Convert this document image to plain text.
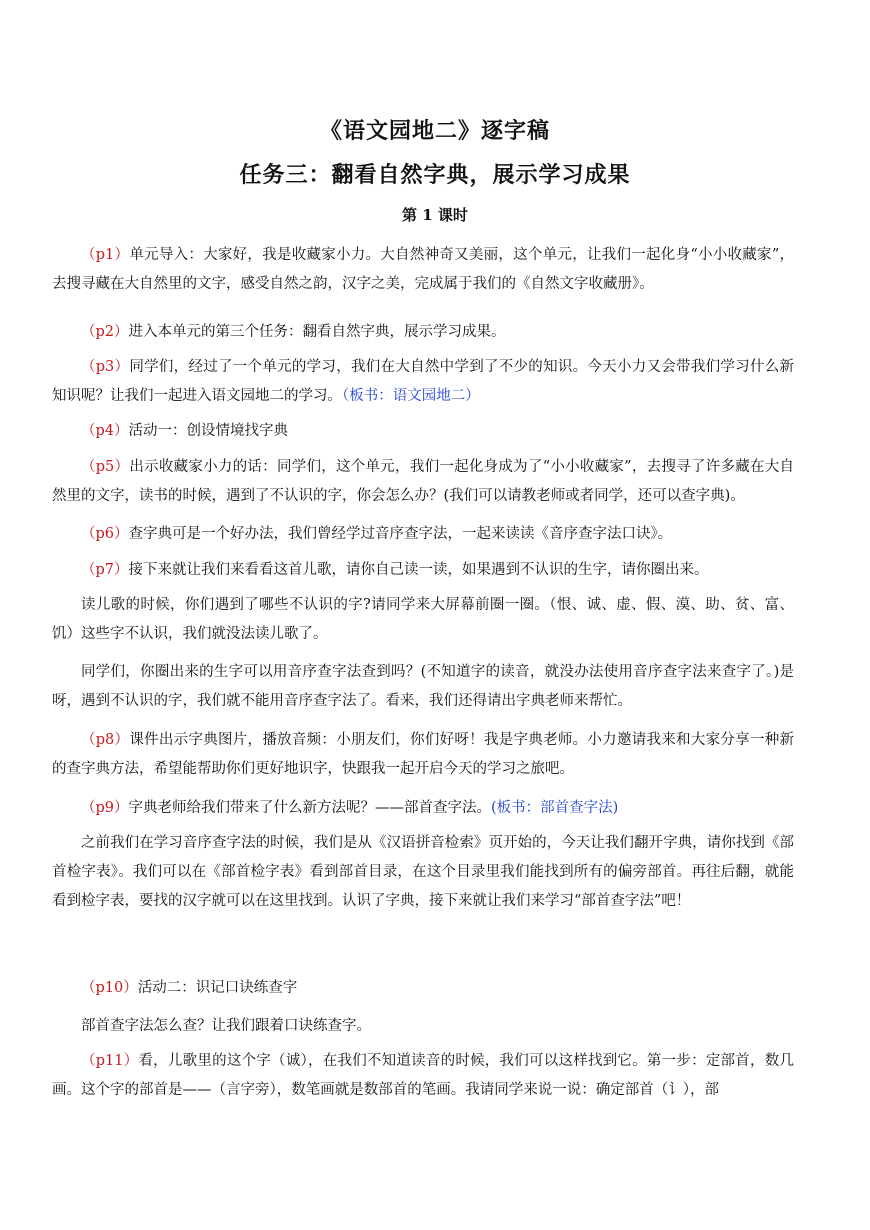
《语文园地二》逐字稿
任务三：翻看自然字典，展示学习成果
第 1 课时

（p1）单元导入：大家好，我是收藏家小力。大自然神奇又美丽，这个单元，让我们一起化身“小小收藏家”，去搜寻藏在大自然里的文字，感受自然之韵，汉字之美，完成属于我们的《自然文字收藏册》。

（p2）进入本单元的第三个任务：翻看自然字典，展示学习成果。

（p3）同学们，经过了一个单元的学习，我们在大自然中学到了不少的知识。今天小力又会带我们学习什么新知识呢？让我们一起进入语文园地二的学习。（板书：语文园地二）

（p4）活动一：创设情境找字典

（p5）出示收藏家小力的话：同学们，这个单元，我们一起化身成为了“小小收藏家”，去搜寻了许多藏在大自然里的文字，读书的时候，遇到了不认识的字，你会怎么办？(我们可以请教老师或者同学，还可以查字典)。

（p6）查字典可是一个好办法，我们曾经学过音序查字法，一起来读读《音序查字法口诀》。

（p7）接下来就让我们来看看这首儿歌，请你自己读一读，如果遇到不认识的生字，请你圈出来。

读儿歌的时候，你们遇到了哪些不认识的字?请同学来大屏幕前圈一圈。（恨、诚、虚、假、漠、助、贫、富、饥）这些字不认识，我们就没法读儿歌了。

同学们，你圈出来的生字可以用音序查字法查到吗？(不知道字的读音，就没办法使用音序查字法来查字了。)是呀，遇到不认识的字，我们就不能用音序查字法了。看来，我们还得请出字典老师来帮忙。

（p8）课件出示字典图片，播放音频：小朋友们，你们好呀！我是字典老师。小力邀请我来和大家分享一种新的查字典方法，希望能帮助你们更好地识字，快跟我一起开启今天的学习之旅吧。

（p9）字典老师给我们带来了什么新方法呢？——部首查字法。(板书：部首查字法)

之前我们在学习音序查字法的时候，我们是从《汉语拼音检索》页开始的，今天让我们翻开字典，请你找到《部首检字表》。我们可以在《部首检字表》看到部首目录，在这个目录里我们能找到所有的偏旁部首。再往后翻，就能看到检字表，要找的汉字就可以在这里找到。认识了字典，接下来就让我们来学习“部首查字法”吧！

（p10）活动二：识记口诀练查字

部首查字法怎么查？让我们跟着口诀练查字。

（p11）看，儿歌里的这个字（诚），在我们不知道读音的时候，我们可以这样找到它。第一步：定部首，数几画。这个字的部首是——（言字旁），数笔画就是数部首的笔画。我请同学来说一说：确定部首（讠），部
